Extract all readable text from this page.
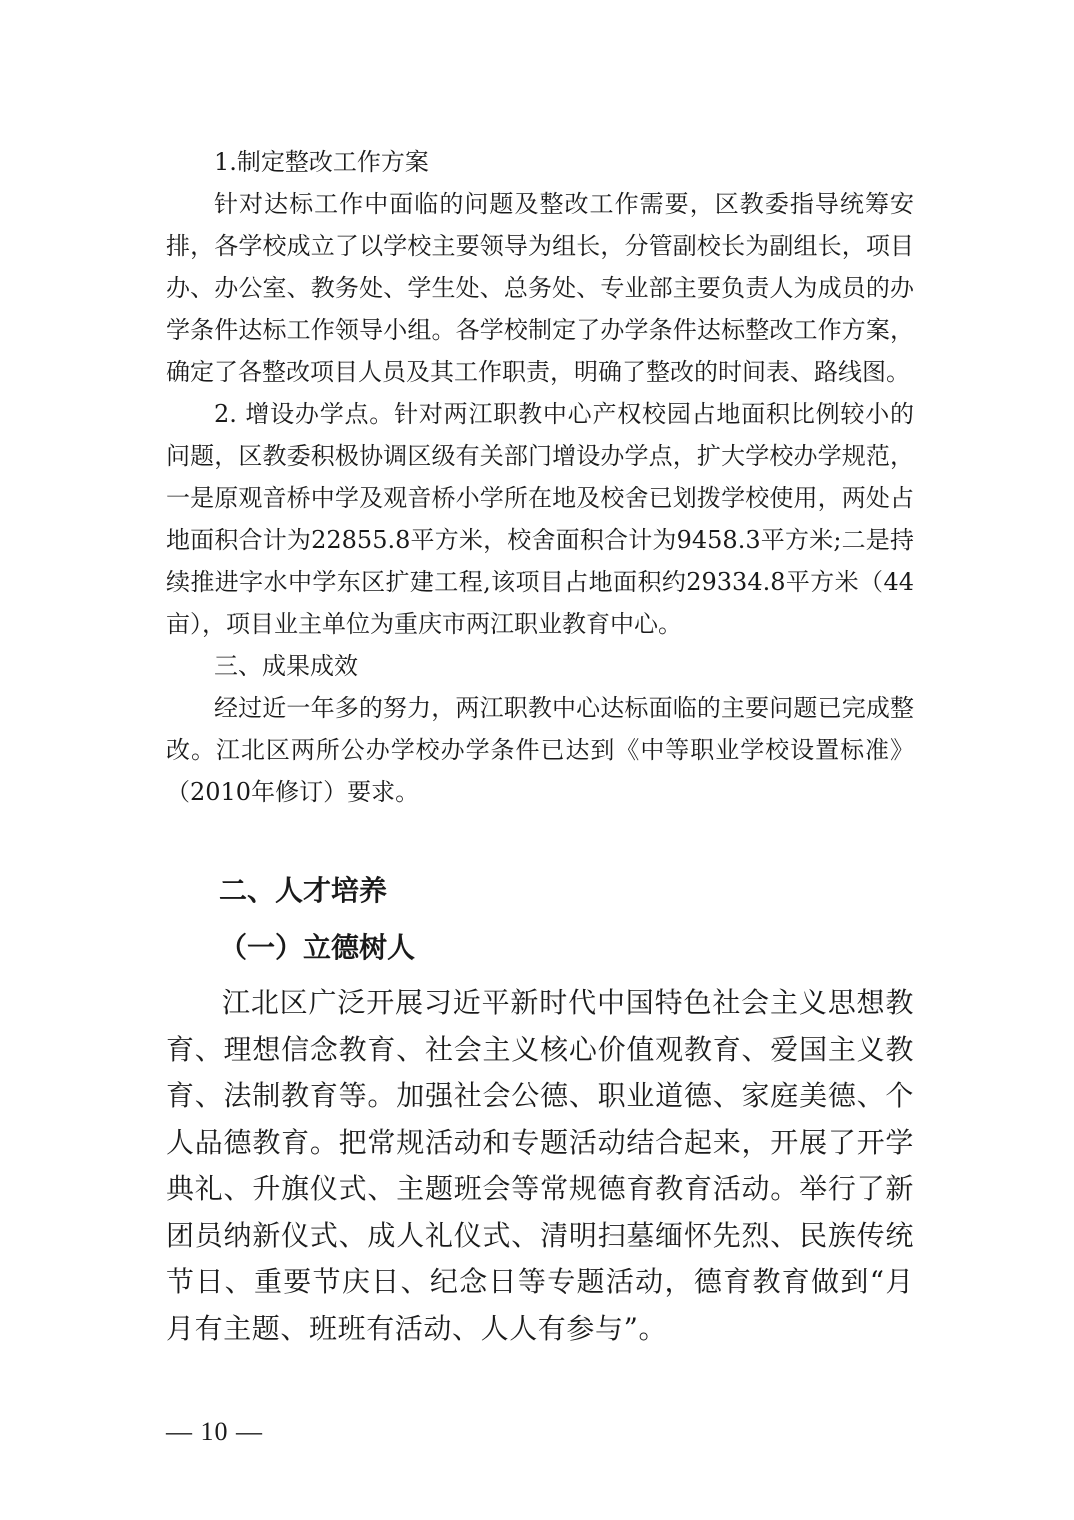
1.制定整改工作方案

针对达标工作中面临的问题及整改工作需要，区教委指导统筹安排，各学校成立了以学校主要领导为组长，分管副校长为副组长，项目办、办公室、教务处、学生处、总务处、专业部主要负责人为成员的办学条件达标工作领导小组。各学校制定了办学条件达标整改工作方案，确定了各整改项目人员及其工作职责，明确了整改的时间表、路线图。

2. 增设办学点。针对两江职教中心产权校园占地面积比例较小的问题，区教委积极协调区级有关部门增设办学点，扩大学校办学规范，一是原观音桥中学及观音桥小学所在地及校舍已划拨学校使用，两处占地面积合计为22855.8平方米，校舍面积合计为9458.3平方米;二是持续推进字水中学东区扩建工程,该项目占地面积约29334.8平方米（44亩），项目业主单位为重庆市两江职业教育中心。

三、成果成效

经过近一年多的努力，两江职教中心达标面临的主要问题已完成整改。江北区两所公办学校办学条件已达到《中等职业学校设置标准》（2010年修订）要求。

二、人才培养
（一）立德树人

江北区广泛开展习近平新时代中国特色社会主义思想教育、理想信念教育、社会主义核心价值观教育、爱国主义教育、法制教育等。加强社会公德、职业道德、家庭美德、个人品德教育。把常规活动和专题活动结合起来，开展了开学典礼、升旗仪式、主题班会等常规德育教育活动。举行了新团员纳新仪式、成人礼仪式、清明扫墓缅怀先烈、民族传统节日、重要节庆日、纪念日等专题活动，德育教育做到“月月有主题、班班有活动、人人有参与”。

— 10 —
